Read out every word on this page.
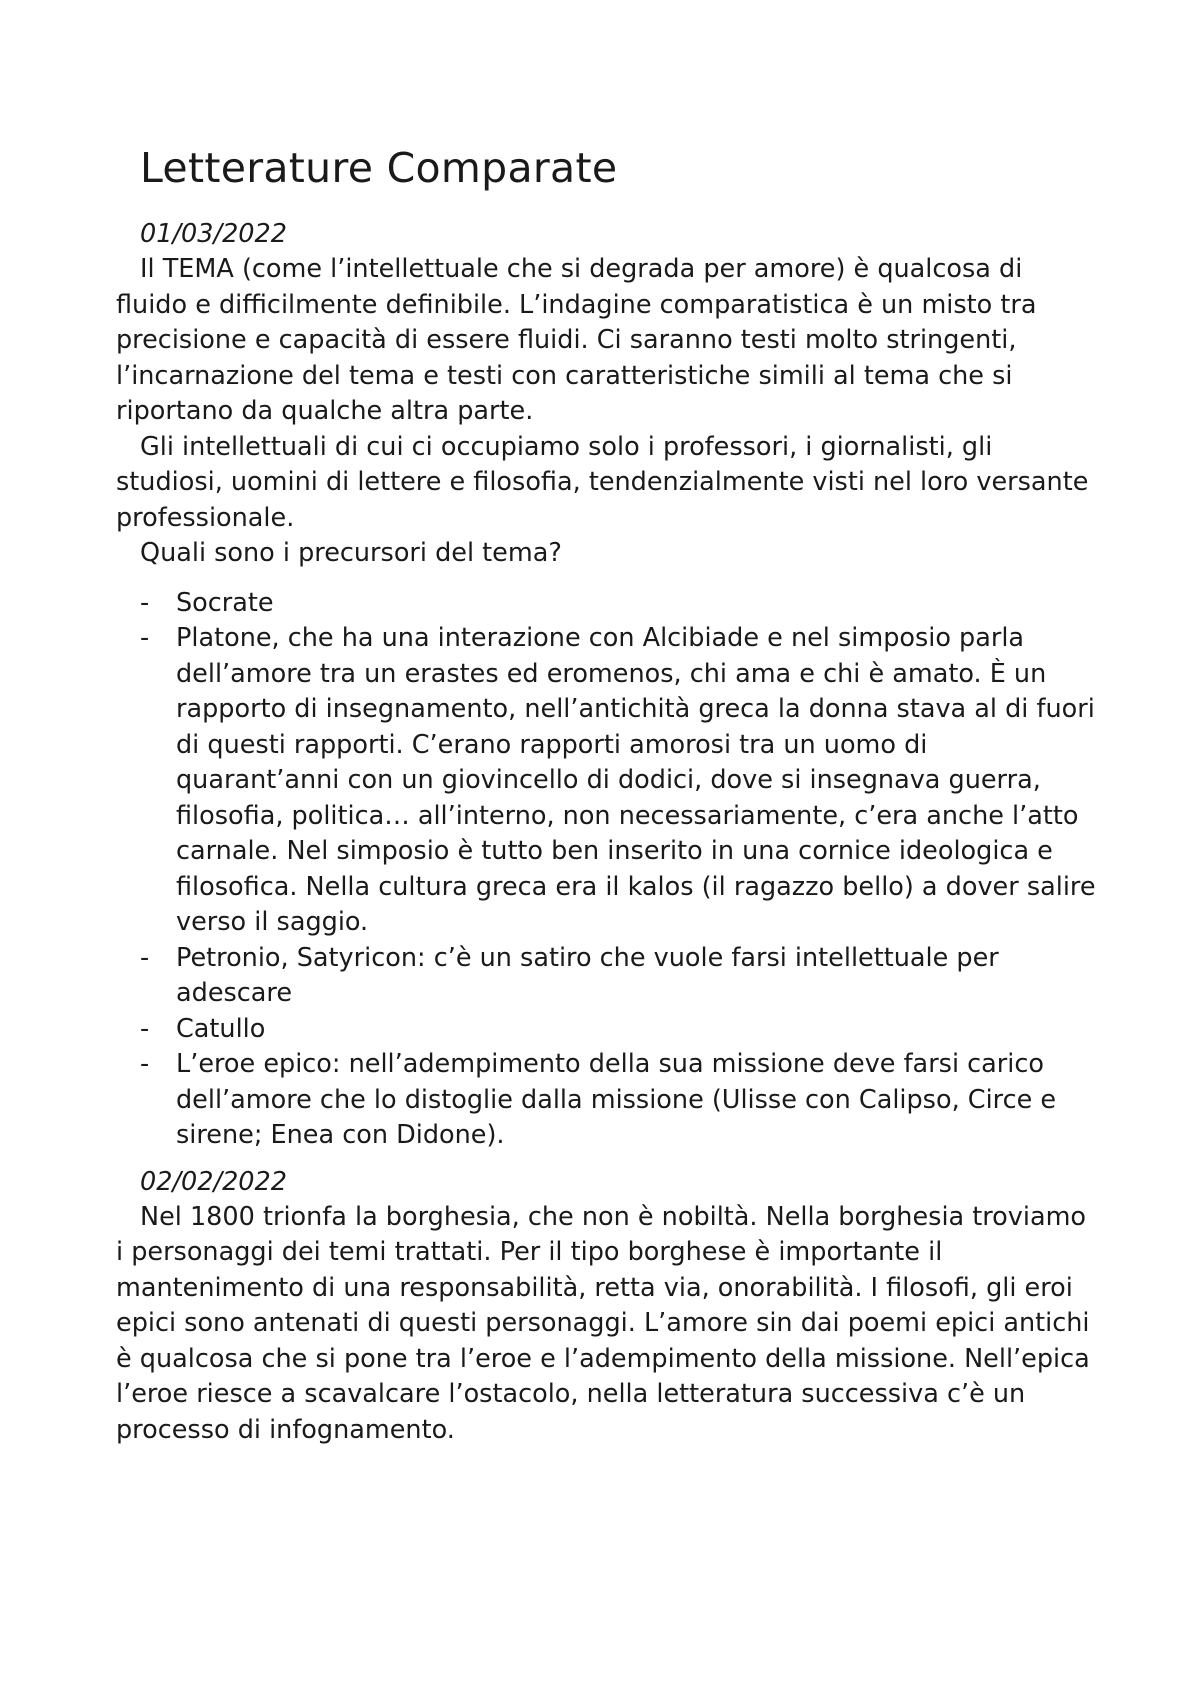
Letterature Comparate
01/03/2022

Il TEMA (come l’intellettuale che si degrada per amore) è qualcosa di fluido e difficilmente definibile. L’indagine comparatistica è un misto tra precisione e capacità di essere fluidi. Ci saranno testi molto stringenti, l’incarnazione del tema e testi con caratteristiche simili al tema che si riportano da qualche altra parte.

Gli intellettuali di cui ci occupiamo solo i professori, i giornalisti, gli studiosi, uomini di lettere e filosofia, tendenzialmente visti nel loro versante professionale.

Quali sono i precursori del tema?

- Socrate
- Platone, che ha una interazione con Alcibiade e nel simposio parla dell’amore tra un erastes ed eromenos, chi ama e chi è amato. È un rapporto di insegnamento, nell’antichità greca la donna stava al di fuori di questi rapporti. C’erano rapporti amorosi tra un uomo di quarant’anni con un giovincello di dodici, dove si insegnava guerra, filosofia, politica… all’interno, non necessariamente, c’era anche l’atto carnale. Nel simposio è tutto ben inserito in una cornice ideologica e filosofica. Nella cultura greca era il kalos (il ragazzo bello) a dover salire verso il saggio.
- Petronio, Satyricon: c’è un satiro che vuole farsi intellettuale per adescare
- Catullo
- L’eroe epico: nell’adempimento della sua missione deve farsi carico dell’amore che lo distoglie dalla missione (Ulisse con Calipso, Circe e sirene; Enea con Didone).
02/02/2022

Nel 1800 trionfa la borghesia, che non è nobiltà. Nella borghesia troviamo i personaggi dei temi trattati. Per il tipo borghese è importante il mantenimento di una responsabilità, retta via, onorabilità. I filosofi, gli eroi epici sono antenati di questi personaggi. L’amore sin dai poemi epici antichi è qualcosa che si pone tra l’eroe e l’adempimento della missione. Nell’epica l’eroe riesce a scavalcare l’ostacolo, nella letteratura successiva c’è un processo di infognamento.
